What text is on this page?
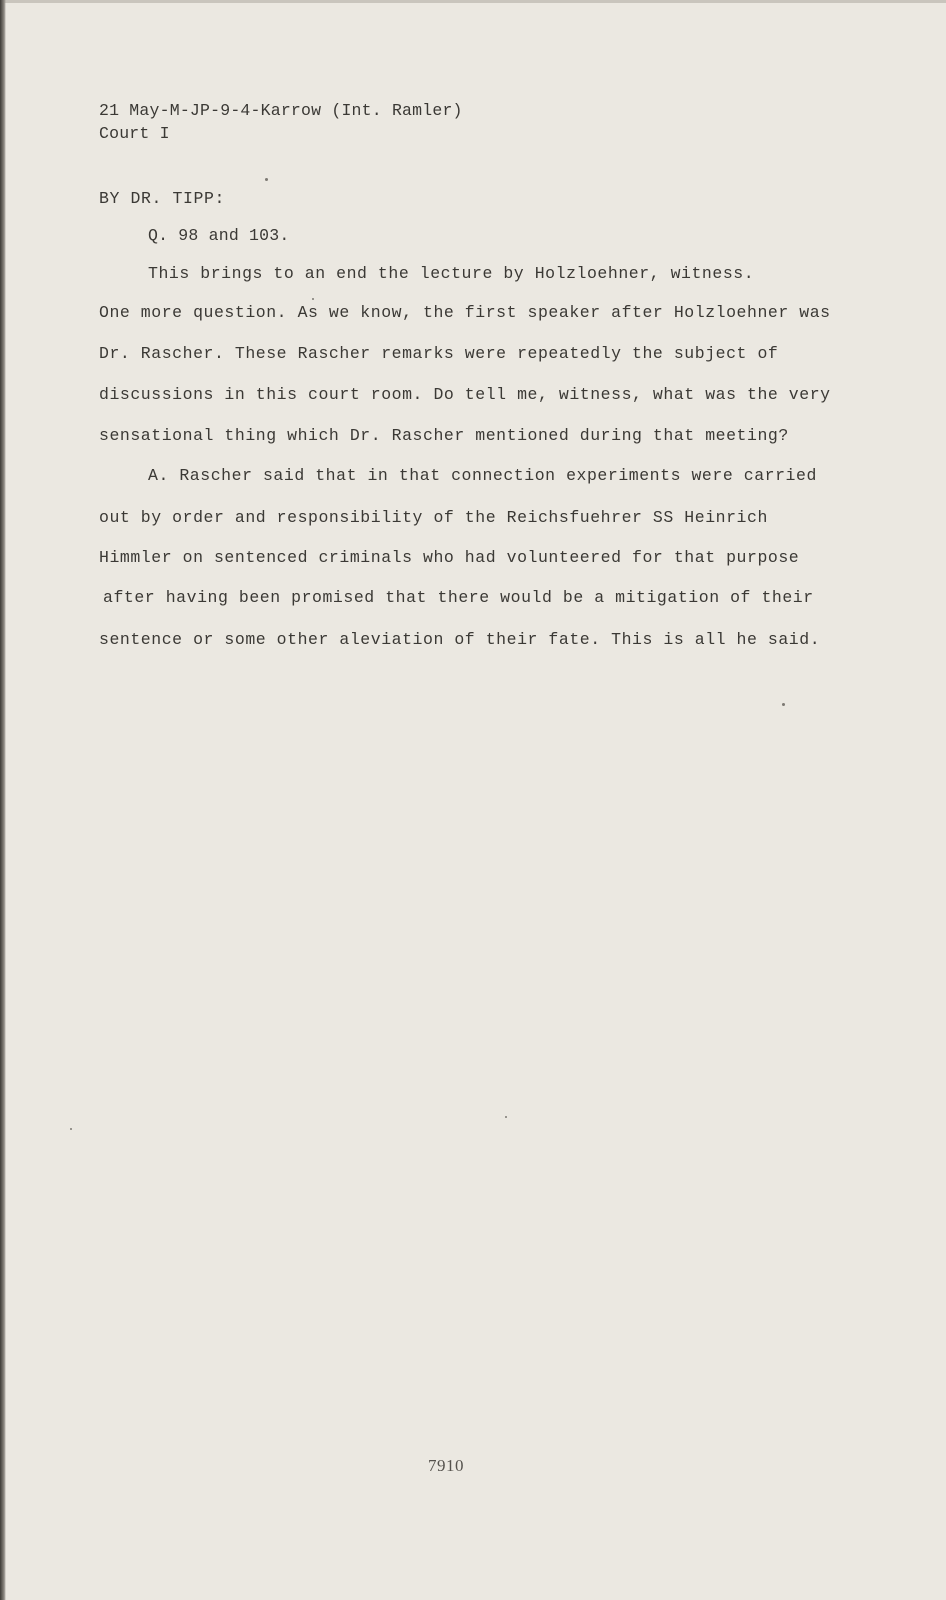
21 May-M-JP-9-4-Karrow (Int. Ramler)
Court I
BY DR. TIPP:
Q. 98 and 103.
This brings to an end the lecture by Holzloehner, witness.
One more question. As we know, the first speaker after Holzloehner was
Dr. Rascher. These Rascher remarks were repeatedly the subject of
discussions in this court room. Do tell me, witness, what was the very
sensational thing which Dr. Rascher mentioned during that meeting?
A. Rascher said that in that connection experiments were carried
out by order and responsibility of the Reichsfuehrer SS Heinrich
Himmler on sentenced criminals who had volunteered for that purpose
after having been promised that there would be a mitigation of their
sentence or some other aleviation of their fate. This is all he said.
7910
